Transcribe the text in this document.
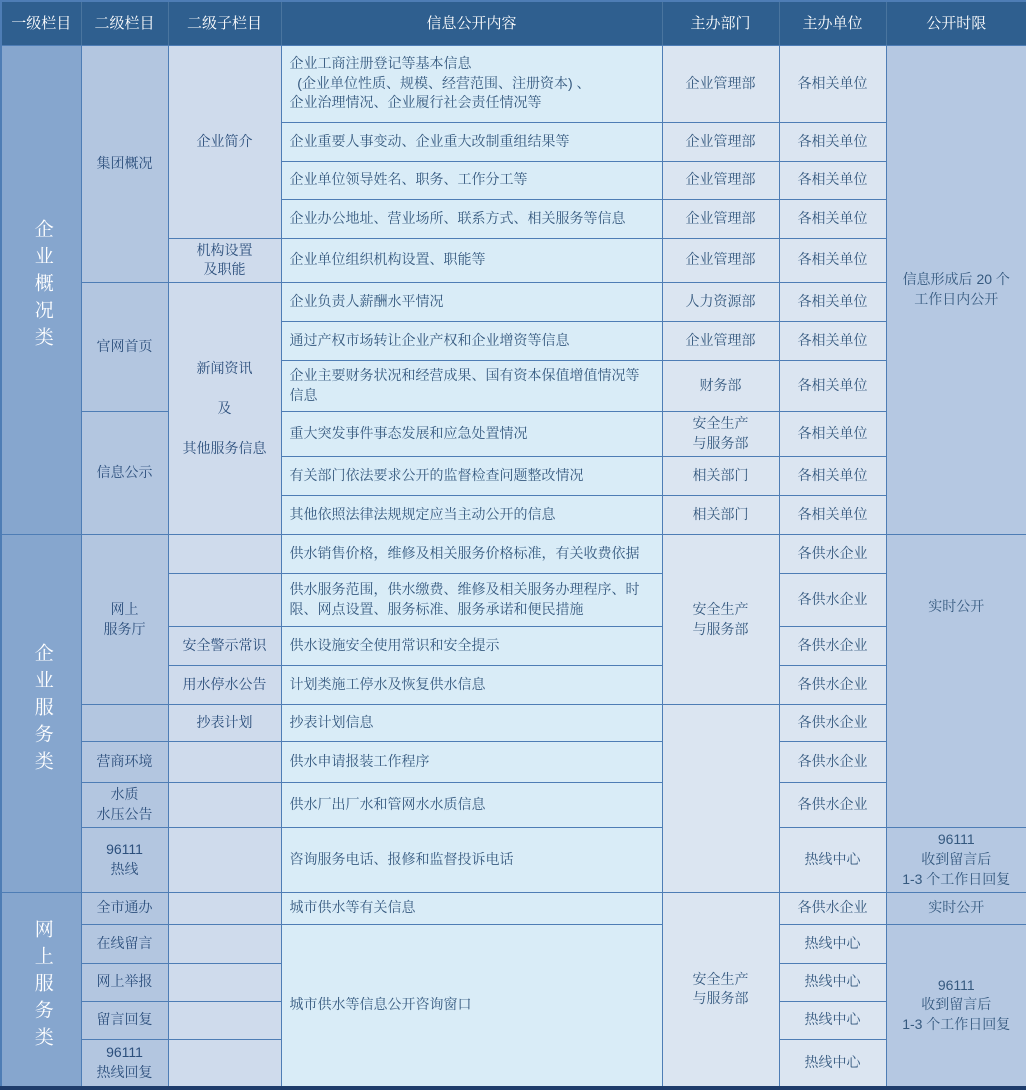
一级栏目	二级栏目	二级子栏目	信息公开内容	主办部门	主办单位	公开时限
企业概况类	集团概况	企业简介	企业工商注册登记等基本信息
(企业单位性质、规模、经营范围、注册资本) 、
企业治理情况、企业履行社会责任情况等	企业管理部	各相关单位	信息形成后 20 个
工作日内公开
			企业重要人事变动、企业重大改制重组结果等	企业管理部	各相关单位	
			企业单位领导姓名、职务、工作分工等	企业管理部	各相关单位	
			企业办公地址、营业场所、联系方式、相关服务等信息	企业管理部	各相关单位	
		机构设置
及职能	企业单位组织机构设置、职能等	企业管理部	各相关单位	
	官网首页	新闻资讯

及

其他服务信息	企业负责人薪酬水平情况	人力资源部	各相关单位	
			通过产权市场转让企业产权和企业增资等信息	企业管理部	各相关单位	
			企业主要财务状况和经营成果、国有资本保值增值情况等
信息	财务部	各相关单位	
	信息公示		重大突发事件事态发展和应急处置情况	安全生产
与服务部	各相关单位	
			有关部门依法要求公开的监督检查问题整改情况	相关部门	各相关单位	
			其他依照法律法规规定应当主动公开的信息	相关部门	各相关单位	
企业服务类	网上
服务厅		供水销售价格，维修及相关服务价格标准，有关收费依据	安全生产
与服务部	各供水企业	实时公开
			供水服务范围，供水缴费、维修及相关服务办理程序、时
限、网点设置、服务标准、服务承诺和便民措施		各供水企业	
		安全警示常识	供水设施安全使用常识和安全提示		各供水企业	
		用水停水公告	计划类施工停水及恢复供水信息		各供水企业	
		抄表计划	抄表计划信息		各供水企业	
	营商环境		供水申请报装工作程序		各供水企业	
	水质
水压公告		供水厂出厂水和管网水水质信息		各供水企业	
	96111
热线		咨询服务电话、报修和监督投诉电话		热线中心	96111
收到留言后
1-3 个工作日回复
网上服务类	全市通办		城市供水等有关信息	安全生产
与服务部	各供水企业	实时公开
	在线留言		城市供水等信息公开咨询窗口		热线中心	96111
收到留言后
1-3 个工作日回复
	网上举报				热线中心	
	留言回复				热线中心	
	96111
热线回复				热线中心	
